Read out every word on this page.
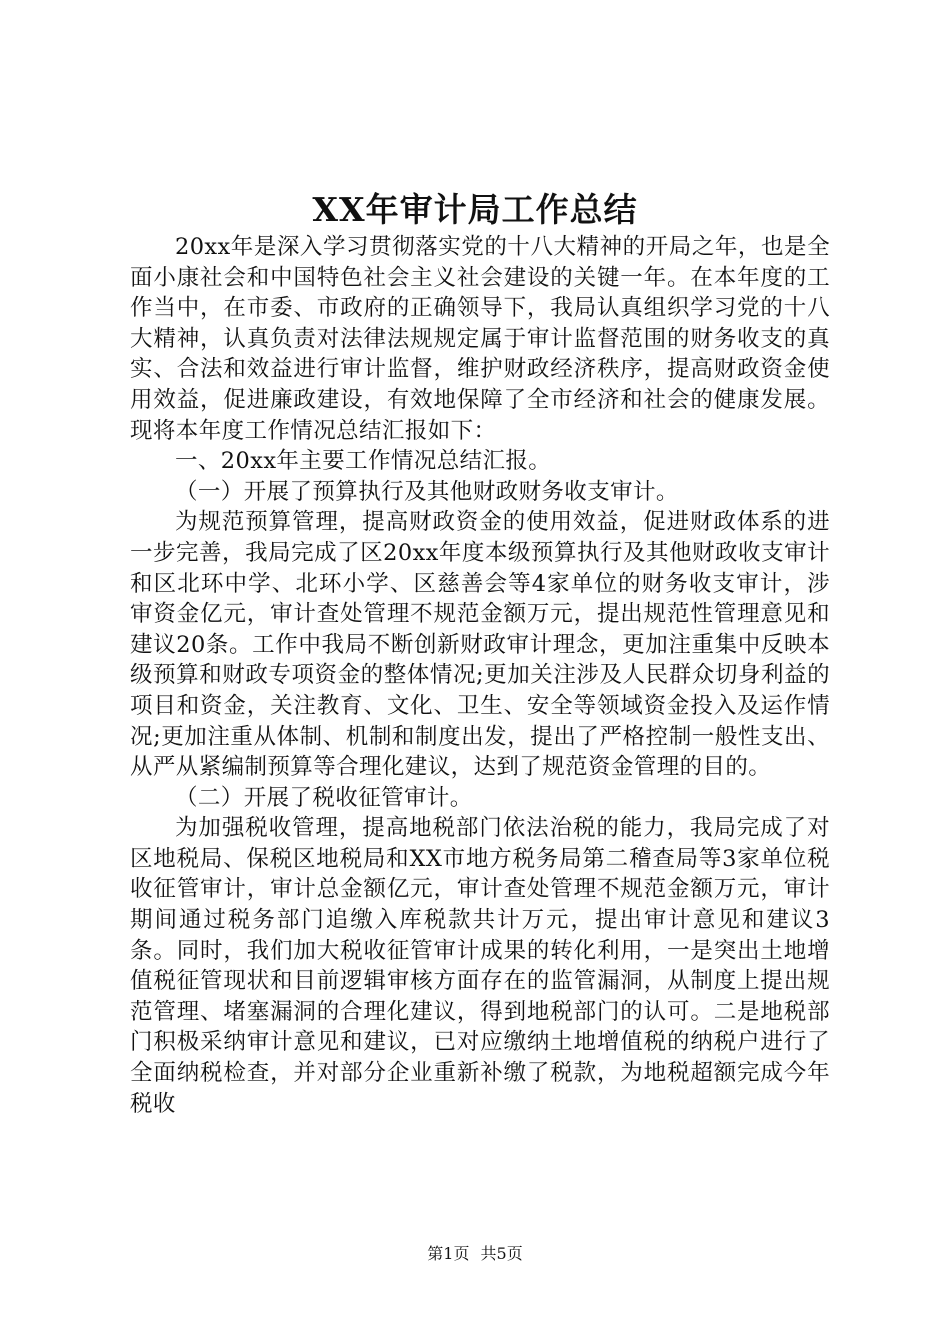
XX年审计局工作总结

20xx年是深入学习贯彻落实党的十八大精神的开局之年，也是全面小康社会和中国特色社会主义社会建设的关键一年。在本年度的工作当中，在市委、市政府的正确领导下，我局认真组织学习党的十八大精神，认真负责对法律法规规定属于审计监督范围的财务收支的真实、合法和效益进行审计监督，维护财政经济秩序，提高财政资金使用效益，促进廉政建设，有效地保障了全市经济和社会的健康发展。现将本年度工作情况总结汇报如下：

一、20xx年主要工作情况总结汇报。

（一）开展了预算执行及其他财政财务收支审计。

为规范预算管理，提高财政资金的使用效益，促进财政体系的进一步完善，我局完成了区20xx年度本级预算执行及其他财政收支审计和区北环中学、北环小学、区慈善会等4家单位的财务收支审计，涉审资金亿元，审计查处管理不规范金额万元，提出规范性管理意见和建议20条。工作中我局不断创新财政审计理念，更加注重集中反映本级预算和财政专项资金的整体情况;更加关注涉及人民群众切身利益的项目和资金，关注教育、文化、卫生、安全等领域资金投入及运作情况;更加注重从体制、机制和制度出发，提出了严格控制一般性支出、从严从紧编制预算等合理化建议，达到了规范资金管理的目的。

（二）开展了税收征管审计。

为加强税收管理，提高地税部门依法治税的能力，我局完成了对区地税局、保税区地税局和XX市地方税务局第二稽查局等3家单位税收征管审计，审计总金额亿元，审计查处管理不规范金额万元，审计期间通过税务部门追缴入库税款共计万元，提出审计意见和建议3条。同时，我们加大税收征管审计成果的转化利用，一是突出土地增值税征管现状和目前逻辑审核方面存在的监管漏洞，从制度上提出规范管理、堵塞漏洞的合理化建议，得到地税部门的认可。二是地税部门积极采纳审计意见和建议，已对应缴纳土地增值税的纳税户进行了全面纳税检查，并对部分企业重新补缴了税款，为地税超额完成今年税收

第1页 共5页
